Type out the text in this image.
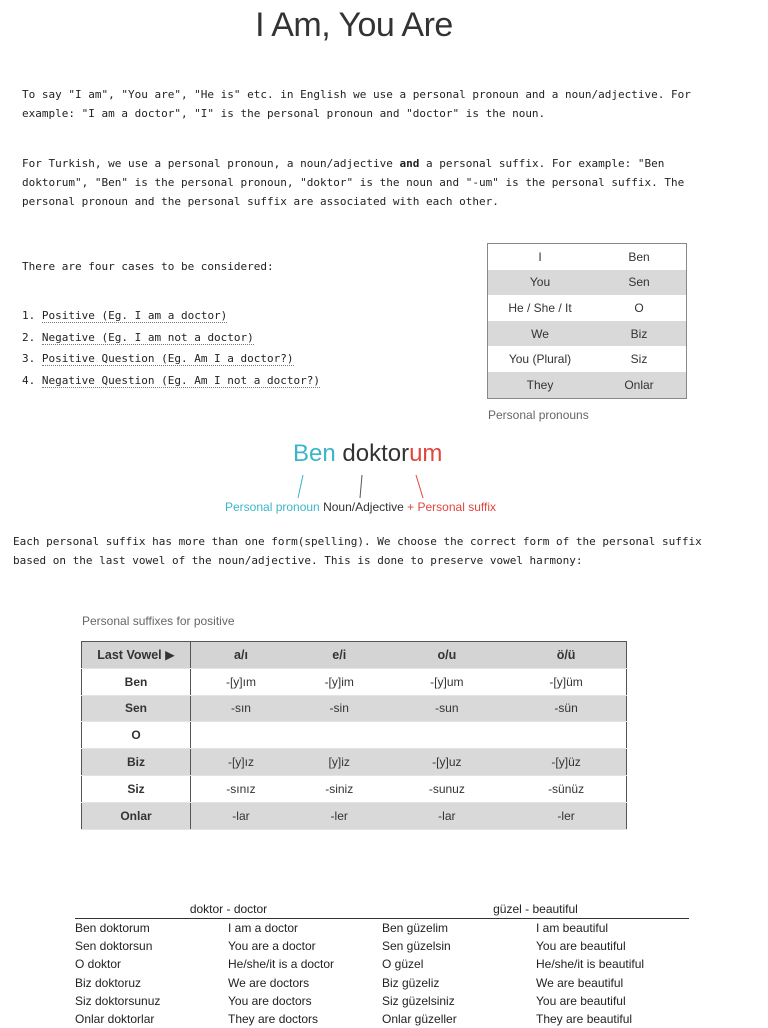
I Am, You Are
To say "I am", "You are", "He is" etc. in English we use a personal pronoun and a noun/adjective. For example: "I am a doctor", "I" is the personal pronoun and "doctor" is the noun.
For Turkish, we use a personal pronoun, a noun/adjective and a personal suffix. For example: "Ben doktorum", "Ben" is the personal pronoun, "doktor" is the noun and "-um" is the personal suffix. The personal pronoun and the personal suffix are associated with each other.
There are four cases to be considered:
1. Positive (Eg. I am a doctor)
2. Negative (Eg. I am not a doctor)
3. Positive Question (Eg. Am I a doctor?)
4. Negative Question (Eg. Am I not a doctor?)
I	Ben
You	Sen
He / She / It	O
We	Biz
You (Plural)	Siz
They	Onlar
Personal pronouns
Ben doktorum
Personal pronoun Noun/Adjective + Personal suffix
Each personal suffix has more than one form(spelling). We choose the correct form of the personal suffix based on the last vowel of the noun/adjective. This is done to preserve vowel harmony:
Personal suffixes for positive
Last Vowel ▶	a/ı	e/i	o/u	ö/ü
Ben	-[y]ım	-[y]im	-[y]um	-[y]üm
Sen	-sın	-sin	-sun	-sün
O				
Biz	-[y]ız	[y]iz	-[y]uz	-[y]üz
Siz	-sınız	-siniz	-sunuz	-sünüz
Onlar	-lar	-ler	-lar	-ler
doktor - doctor		güzel - beautiful	
Ben doktorum	I am a doctor	Ben güzelim	I am beautiful
Sen doktorsun	You are a doctor	Sen güzelsin	You are beautiful
O doktor	He/she/it is a doctor	O güzel	He/she/it is beautiful
Biz doktoruz	We are doctors	Biz güzeliz	We are beautiful
Siz doktorsunuz	You are doctors	Siz güzelsiniz	You are beautiful
Onlar doktorlar	They are doctors	Onlar güzeller	They are beautiful
